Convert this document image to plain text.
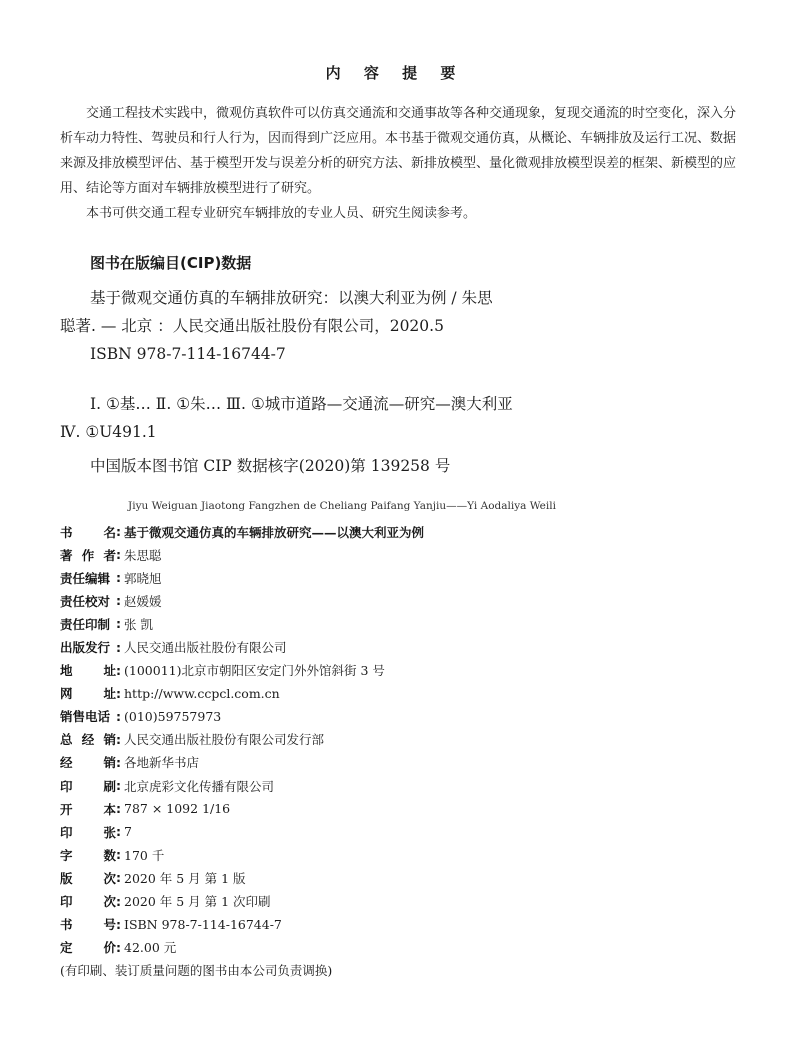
内 容 提 要

交通工程技术实践中，微观仿真软件可以仿真交通流和交通事故等各种交通现象，复现交通流的时空变化，深入分析车动力特性、驾驶员和行人行为，因而得到广泛应用。本书基于微观交通仿真，从概论、车辆排放及运行工况、数据来源及排放模型评估、基于模型开发与误差分析的研究方法、新排放模型、量化微观排放模型误差的框架、新模型的应用、结论等方面对车辆排放模型进行了研究。

本书可供交通工程专业研究车辆排放的专业人员、研究生阅读参考。

图书在版编目(CIP)数据

基于微观交通仿真的车辆排放研究：以澳大利亚为例 / 朱思聪著. — 北京 ：人民交通出版社股份有限公司，2020.5

ISBN 978-7-114-16744-7

Ⅰ. ①基… Ⅱ. ①朱… Ⅲ. ①城市道路—交通流—研究—澳大利亚 Ⅳ. ①U491.1

中国版本图书馆 CIP 数据核字(2020)第 139258 号

Jiyu Weiguan Jiaotong Fangzhen de Cheliang Paifang Yanjiu——Yi Aodaliya Weili

书 名 : 基于微观交通仿真的车辆排放研究——以澳大利亚为例
著 作 者 : 朱思聪
责任编辑 : 郭晓旭
责任校对 : 赵媛媛
责任印制 : 张 凯
出版发行 : 人民交通出版社股份有限公司
地 址 : (100011)北京市朝阳区安定门外外馆斜街 3 号
网 址 : http://www.ccpcl.com.cn
销售电话 : (010)59757973
总 经 销 : 人民交通出版社股份有限公司发行部
经 销 : 各地新华书店
印 刷 : 北京虎彩文化传播有限公司
开 本 : 787 × 1092 1/16
印 张 : 7
字 数 : 170 千
版 次 : 2020 年 5 月 第 1 版
印 次 : 2020 年 5 月 第 1 次印刷
书 号 : ISBN 978-7-114-16744-7
定 价 : 42.00 元
(有印刷、装订质量问题的图书由本公司负责调换)
